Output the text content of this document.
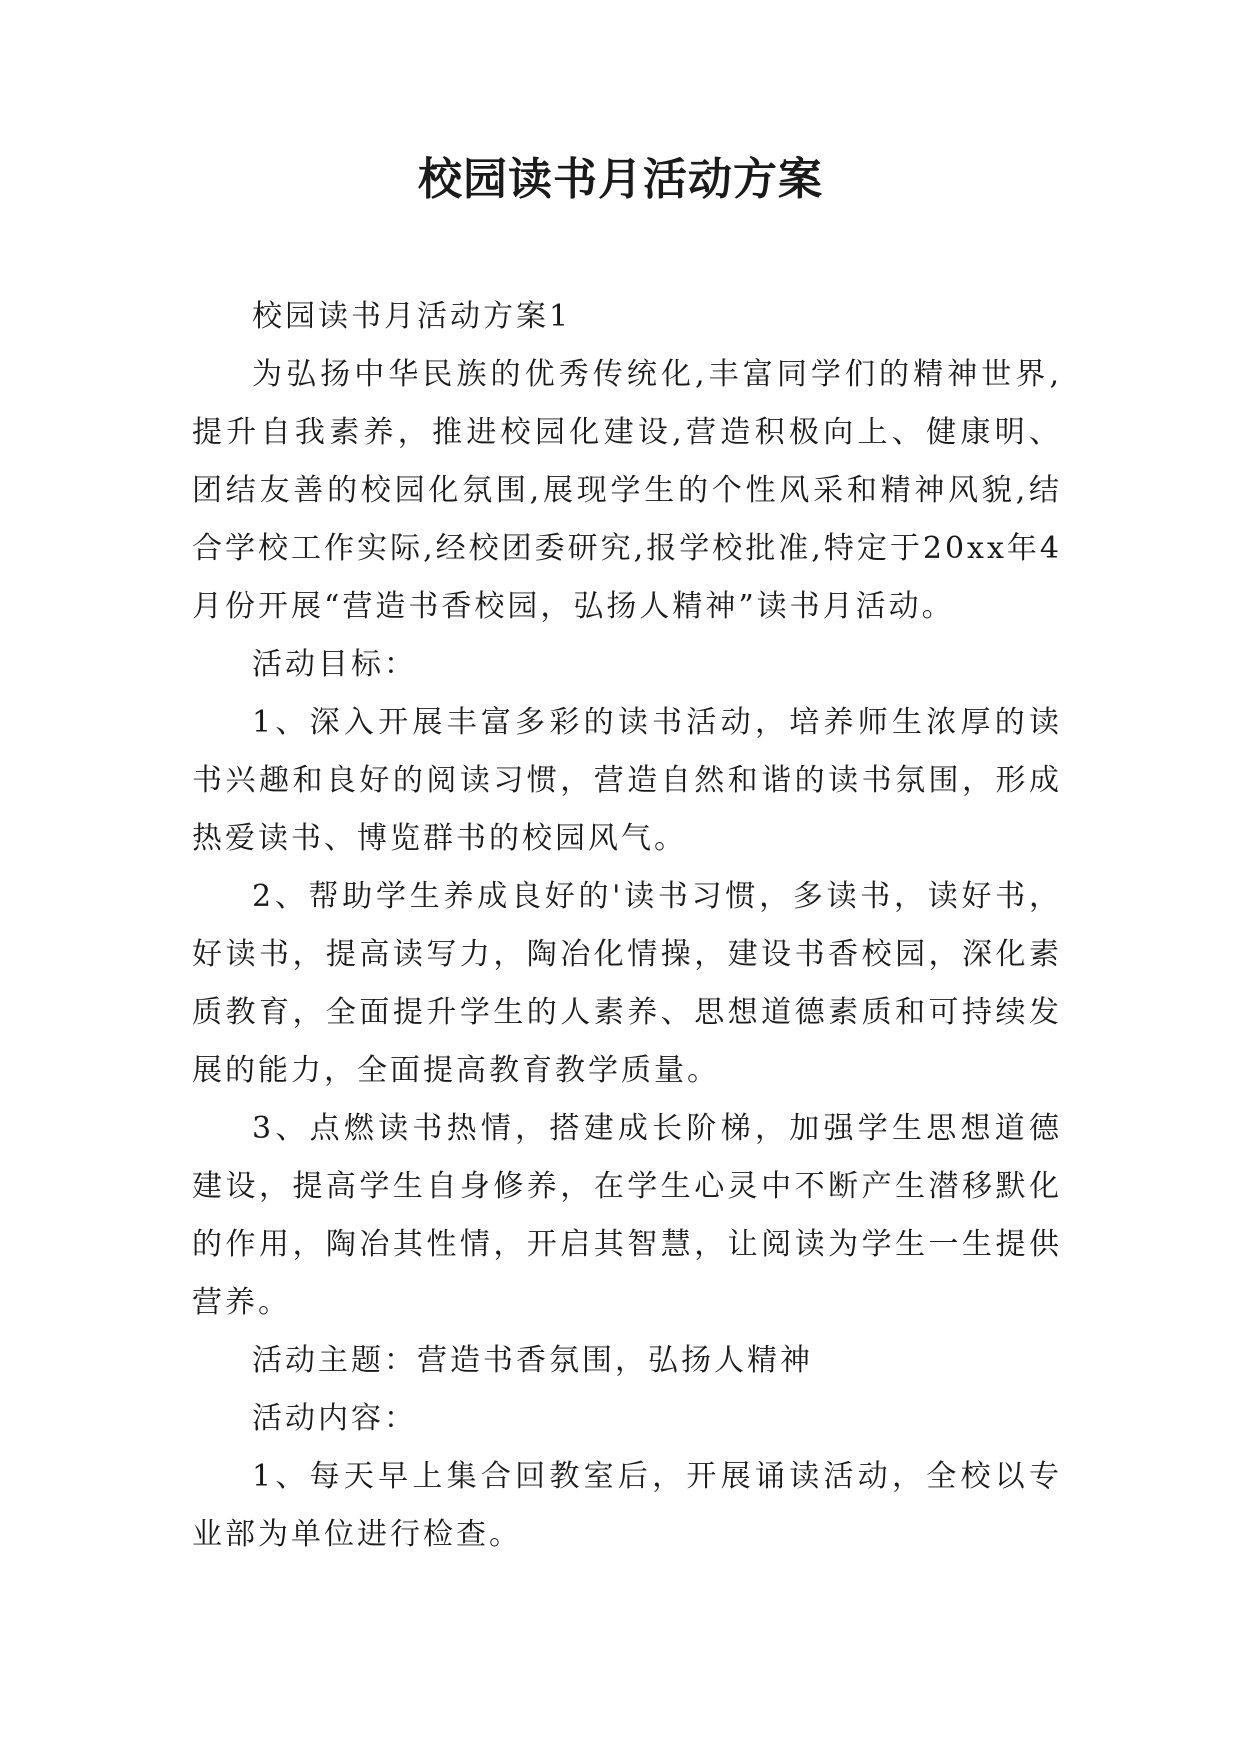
校园读书月活动方案

校园读书月活动方案1

为弘扬中华民族的优秀传统化,丰富同学们的精神世界,提升自我素养，推进校园化建设,营造积极向上、健康明、团结友善的校园化氛围,展现学生的个性风采和精神风貌,结合学校工作实际,经校团委研究,报学校批准,特定于20xx年4月份开展“营造书香校园，弘扬人精神”读书月活动。

活动目标：

1、深入开展丰富多彩的读书活动，培养师生浓厚的读书兴趣和良好的阅读习惯，营造自然和谐的读书氛围，形成热爱读书、博览群书的校园风气。

2、帮助学生养成良好的'读书习惯，多读书，读好书，好读书，提高读写力，陶冶化情操，建设书香校园，深化素质教育，全面提升学生的人素养、思想道德素质和可持续发展的能力，全面提高教育教学质量。

3、点燃读书热情，搭建成长阶梯，加强学生思想道德建设，提高学生自身修养，在学生心灵中不断产生潜移默化的作用，陶冶其性情，开启其智慧，让阅读为学生一生提供营养。

活动主题：营造书香氛围，弘扬人精神

活动内容：

1、每天早上集合回教室后，开展诵读活动，全校以专业部为单位进行检查。
